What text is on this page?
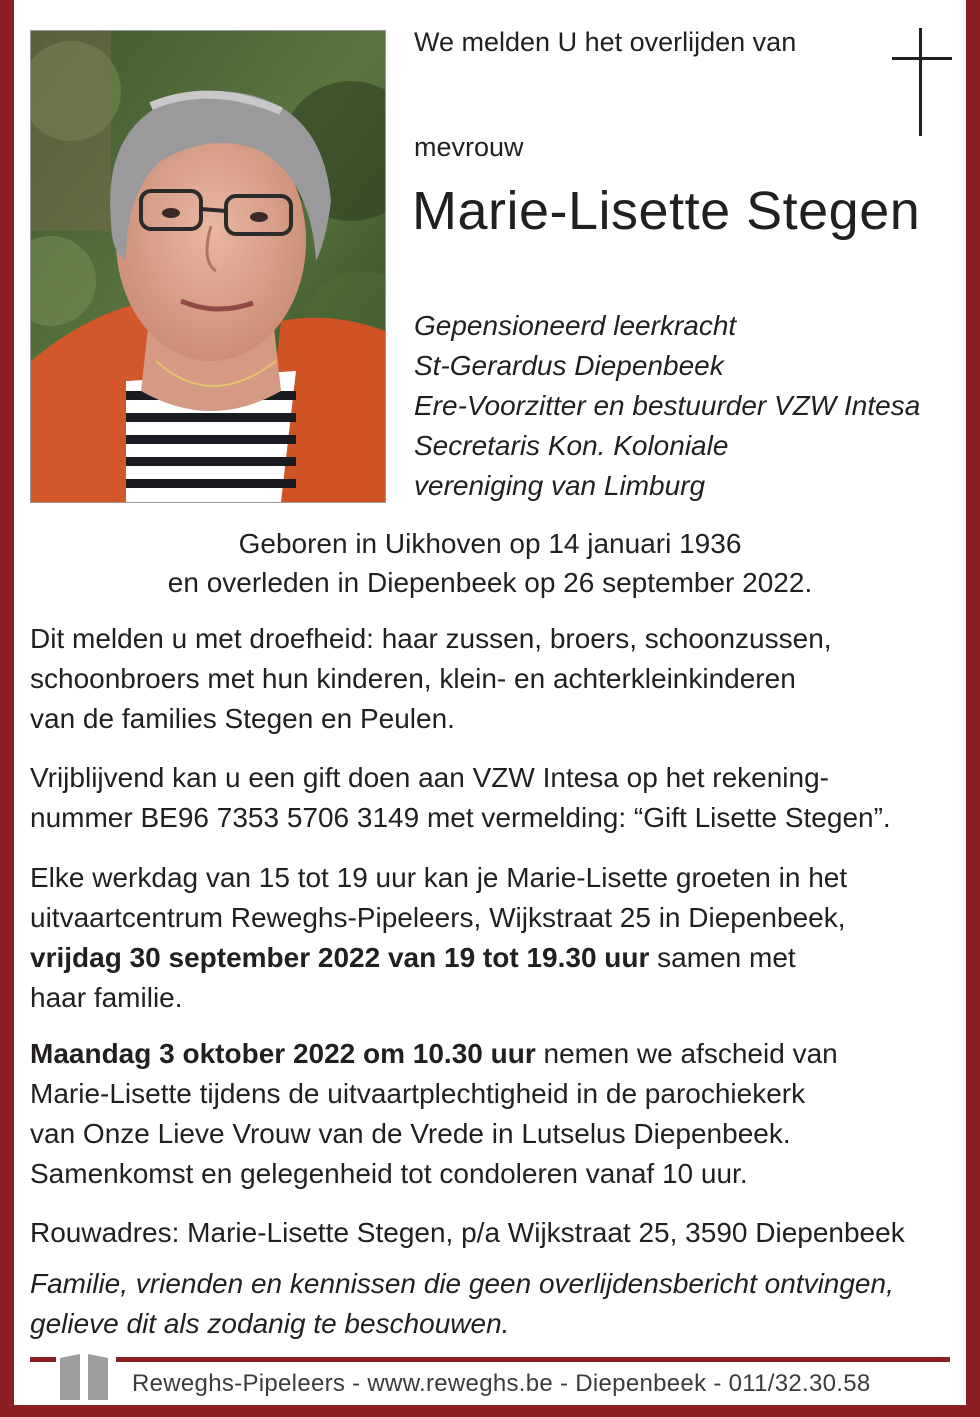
We melden U het overlijden van
mevrouw
Marie-Lisette Stegen
Gepensioneerd leerkracht
St-Gerardus Diepenbeek
Ere-Voorzitter en bestuurder VZW Intesa
Secretaris Kon. Koloniale
vereniging van Limburg
Geboren in Uikhoven op 14 januari 1936
en overleden in Diepenbeek op 26 september 2022.
Dit melden u met droefheid: haar zussen, broers, schoonzussen,
schoonbroers met hun kinderen, klein- en achterkleinkinderen
van de families Stegen en Peulen.
Vrijblijvend kan u een gift doen aan VZW Intesa op het rekening-
nummer BE96 7353 5706 3149 met vermelding: “Gift Lisette Stegen”.
Elke werkdag van 15 tot 19 uur kan je Marie-Lisette groeten in het
uitvaartcentrum Reweghs-Pipeleers, Wijkstraat 25 in Diepenbeek,
vrijdag 30 september 2022 van 19 tot 19.30 uur samen met
haar familie.
Maandag 3 oktober 2022 om 10.30 uur nemen we afscheid van
Marie-Lisette tijdens de uitvaartplechtigheid in de parochiekerk
van Onze Lieve Vrouw van de Vrede in Lutselus Diepenbeek.
Samenkomst en gelegenheid tot condoleren vanaf 10 uur.
Rouwadres: Marie-Lisette Stegen, p/a Wijkstraat 25, 3590 Diepenbeek
Familie, vrienden en kennissen die geen overlijdensbericht ontvingen,
gelieve dit als zodanig te beschouwen.
Reweghs-Pipeleers - www.reweghs.be - Diepenbeek - 011/32.30.58
